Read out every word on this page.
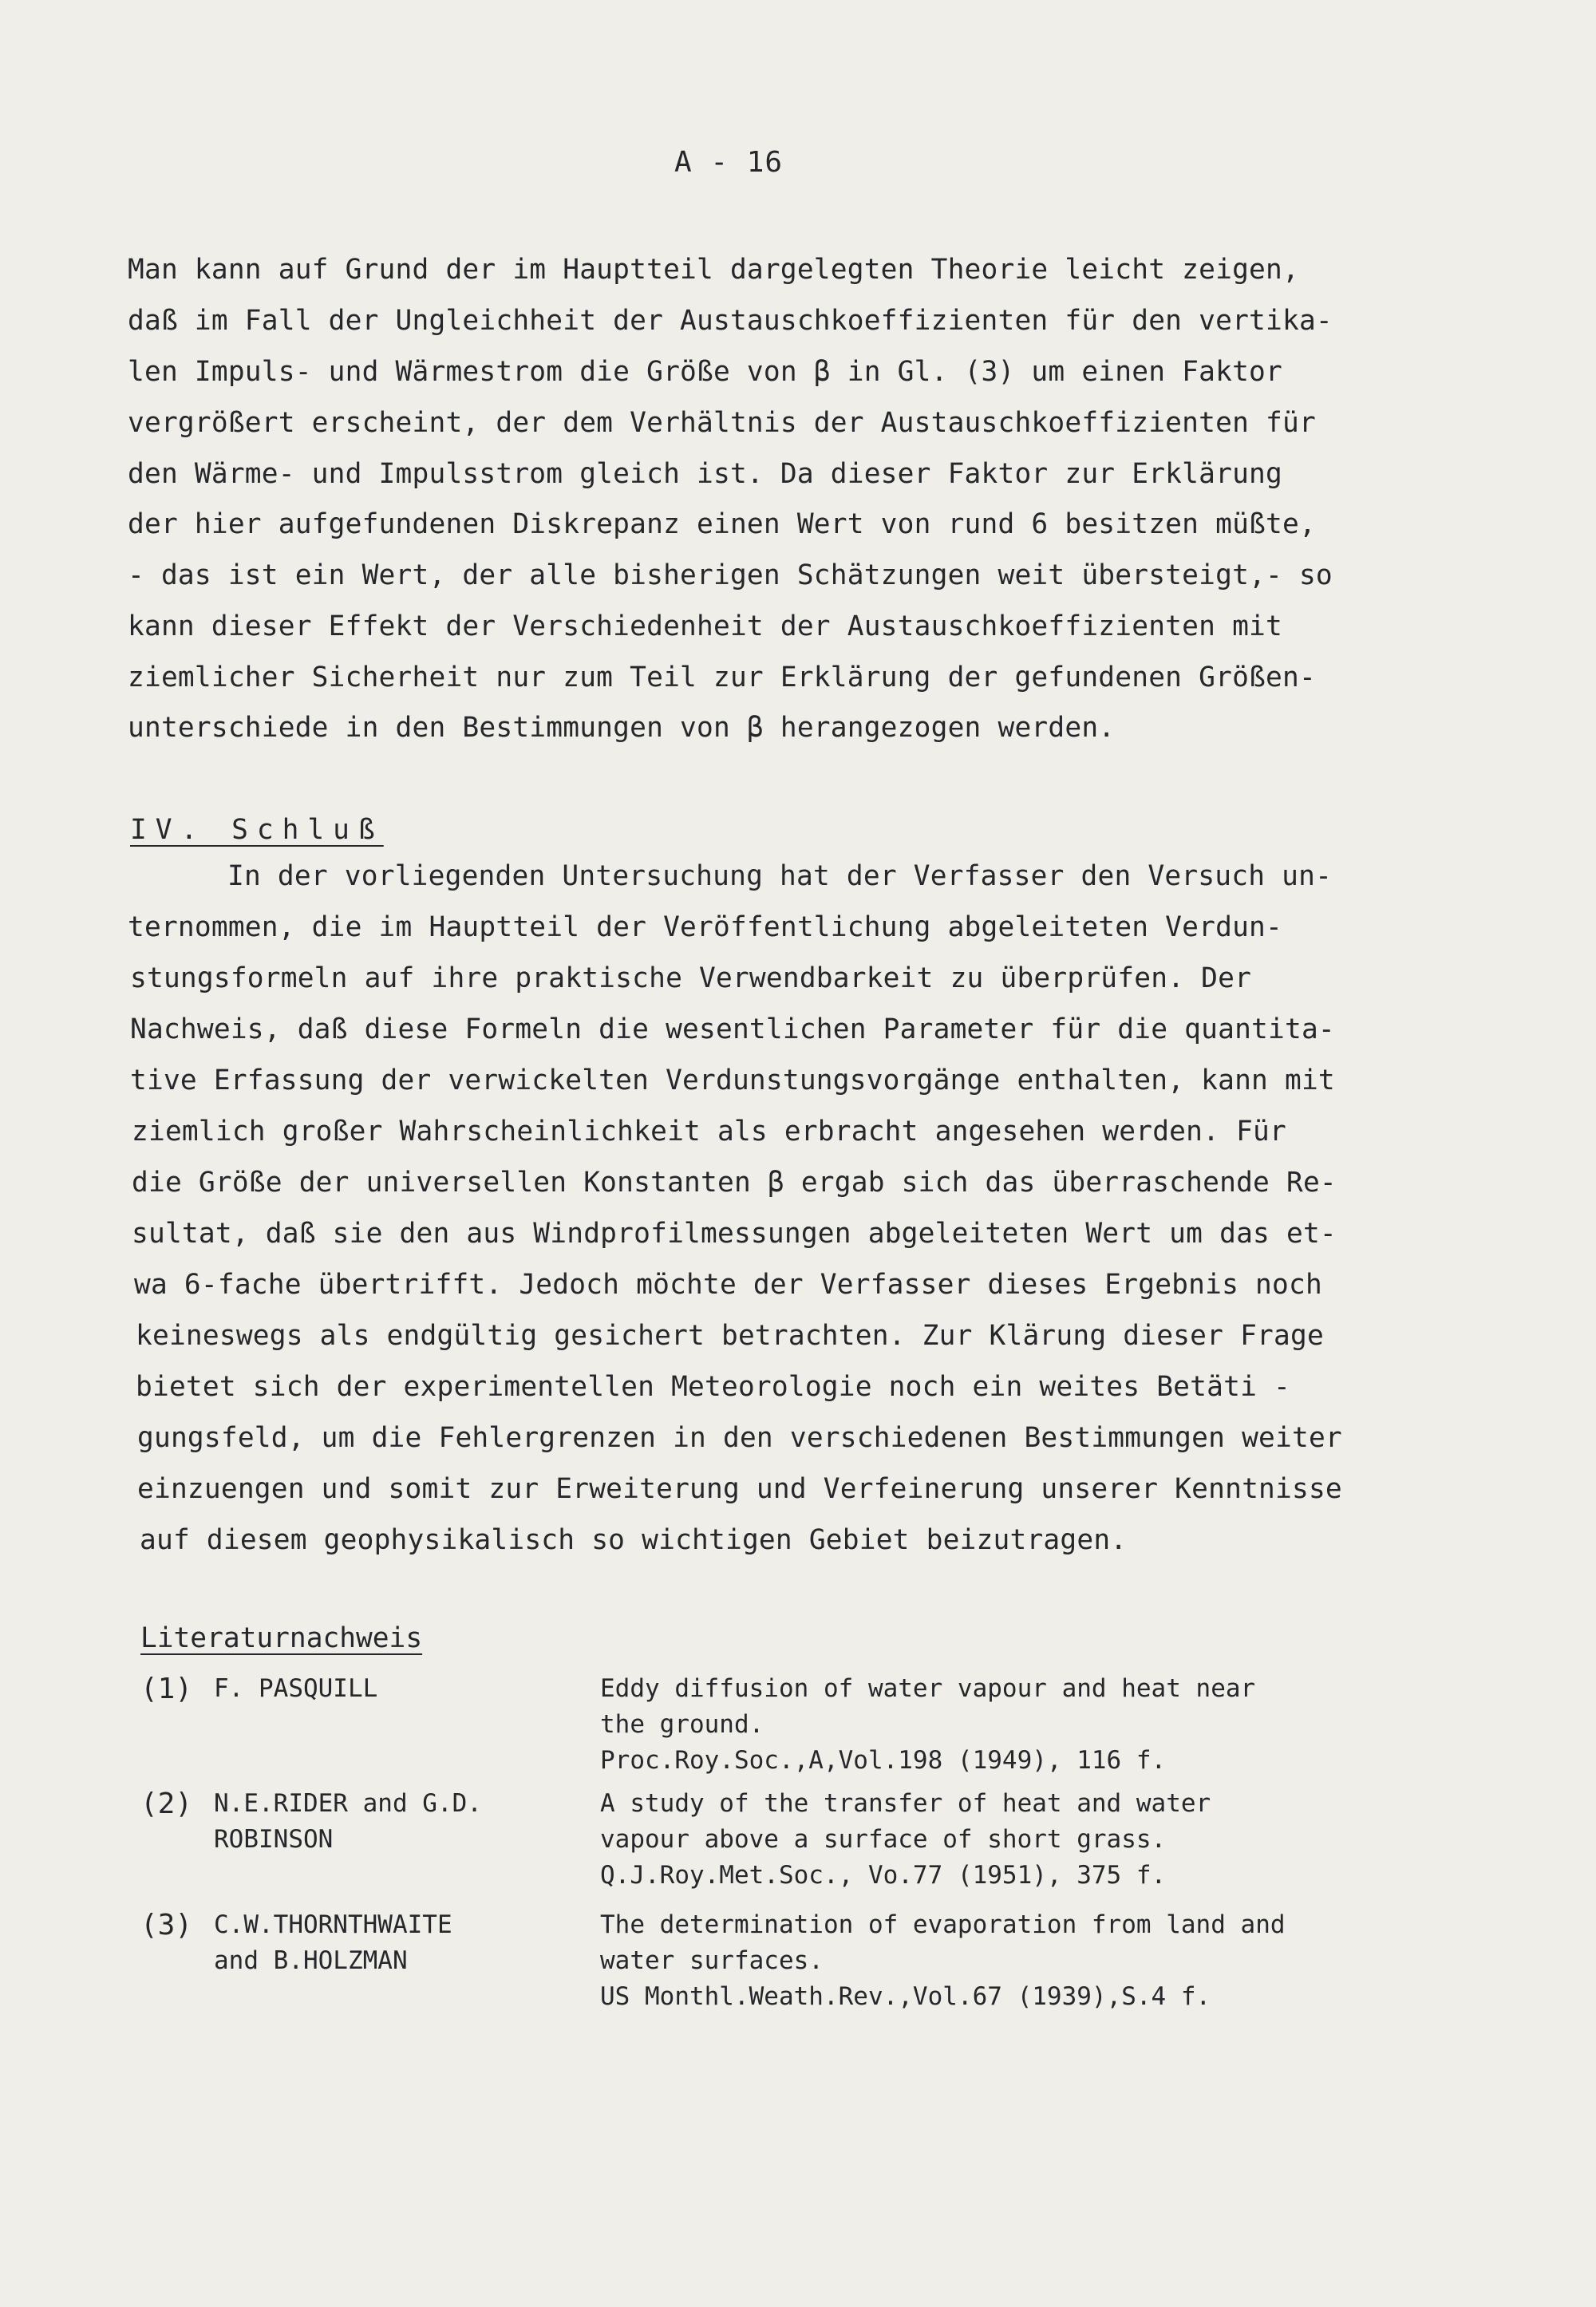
A - 16
Man kann auf Grund der im Hauptteil dargelegten Theorie leicht zeigen,
daß im Fall der Ungleichheit der Austauschkoeffizienten für den vertika-
len Impuls- und Wärmestrom die Größe von β in Gl. (3) um einen Faktor
vergrößert erscheint, der dem Verhältnis der Austauschkoeffizienten für
den Wärme- und Impulsstrom gleich ist. Da dieser Faktor zur Erklärung
der hier aufgefundenen Diskrepanz einen Wert von rund 6 besitzen müßte,
- das ist ein Wert, der alle bisherigen Schätzungen weit übersteigt,- so
kann dieser Effekt der Verschiedenheit der Austauschkoeffizienten mit
ziemlicher Sicherheit nur zum Teil zur Erklärung der gefundenen Größen-
unterschiede in den Bestimmungen von β herangezogen werden.
IV. Schluß
In der vorliegenden Untersuchung hat der Verfasser den Versuch un-
ternommen, die im Hauptteil der Veröffentlichung abgeleiteten Verdun-
stungsformeln auf ihre praktische Verwendbarkeit zu überprüfen. Der
Nachweis, daß diese Formeln die wesentlichen Parameter für die quantita-
tive Erfassung der verwickelten Verdunstungsvorgänge enthalten, kann mit
ziemlich großer Wahrscheinlichkeit als erbracht angesehen werden. Für
die Größe der universellen Konstanten β ergab sich das überraschende Re-
sultat, daß sie den aus Windprofilmessungen abgeleiteten Wert um das et-
wa 6-fache übertrifft. Jedoch möchte der Verfasser dieses Ergebnis noch
keineswegs als endgültig gesichert betrachten. Zur Klärung dieser Frage
bietet sich der experimentellen Meteorologie noch ein weites Betäti -
gungsfeld, um die Fehlergrenzen in den verschiedenen Bestimmungen weiter
einzuengen und somit zur Erweiterung und Verfeinerung unserer Kenntnisse
auf diesem geophysikalisch so wichtigen Gebiet beizutragen.
Literaturnachweis
(1) F. PASQUILL	Eddy diffusion of water vapour and heat near
the ground.
Proc.Roy.Soc.,A,Vol.198 (1949), 116 f.
(2) N.E.RIDER and G.D.
ROBINSON
A study of the transfer of heat and water
vapour above a surface of short grass.
Q.J.Roy.Met.Soc., Vo.77 (1951), 375 f.
(3) C.W.THORNTHWAITE
and B.HOLZMAN
The determination of evaporation from land and
water surfaces.
US Monthl.Weath.Rev.,Vol.67 (1939),S.4 f.
